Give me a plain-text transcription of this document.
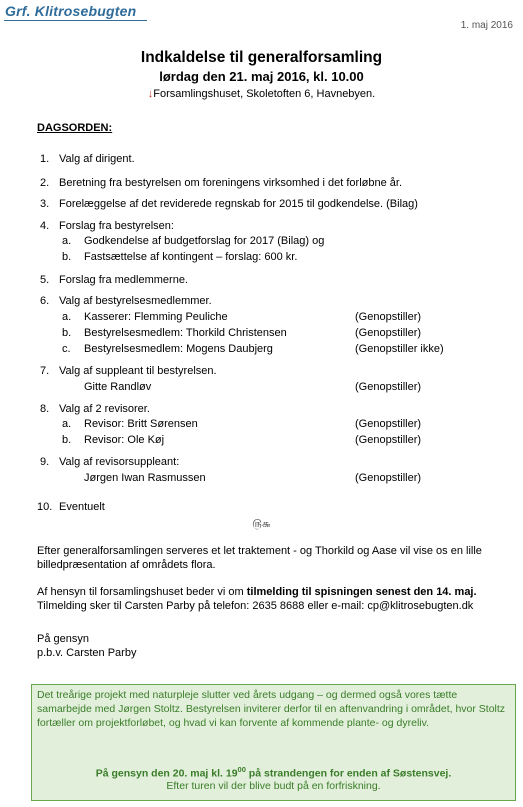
Grf. Klitrosebugten
1. maj 2016
Indkaldelse til generalforsamling
lørdag den 21. maj 2016, kl. 10.00
↓Forsamlingshuset, Skoletoften 6, Havnebyen.
DAGSORDEN:
1. Valg af dirigent.
2. Beretning fra bestyrelsen om foreningens virksomhed i det forløbne år.
3. Forelæggelse af det reviderede regnskab for 2015 til godkendelse. (Bilag)
4. Forslag fra bestyrelsen:
a. Godkendelse af budgetforslag for 2017 (Bilag) og
b. Fastsættelse af kontingent – forslag: 600 kr.
5. Forslag fra medlemmerne.
6. Valg af bestyrelsesmedlemmer.
a. Kasserer: Flemming Peuliche	(Genopstiller)
b. Bestyrelsesmedlem: Thorkild Christensen	(Genopstiller)
c. Bestyrelsesmedlem: Mogens Daubjerg	(Genopstiller ikke)
7. Valg af suppleant til bestyrelsen.
Gitte Randløv	(Genopstiller)
8. Valg af 2 revisorer.
a. Revisor: Britt Sørensen	(Genopstiller)
b. Revisor: Ole Køj	(Genopstiller)
9. Valg af revisorsuppleant:
Jørgen Iwan Rasmussen	(Genopstiller)
10. Eventuelt
௫௬
Efter generalforsamlingen serveres et let traktement - og Thorkild og Aase vil vise os en lille billedpræsentation af områdets flora.
Af hensyn til forsamlingshuset beder vi om tilmelding til spisningen senest den 14. maj.
Tilmelding sker til Carsten Parby på telefon: 2635 8688 eller e-mail: cp@klitrosebugten.dk
På gensyn
p.b.v. Carsten Parby
Det treårige projekt med naturpleje slutter ved årets udgang – og dermed også vores tætte samarbejde med Jørgen Stoltz. Bestyrelsen inviterer derfor til en aftenvandring i området, hvor Stoltz fortæller om projektforløbet, og hvad vi kan forvente af kommende plante- og dyreliv.
På gensyn den 20. maj kl. $19^{00}$ på strandengen for enden af Søstensvej.
Efter turen vil der blive budt på en forfriskning.
